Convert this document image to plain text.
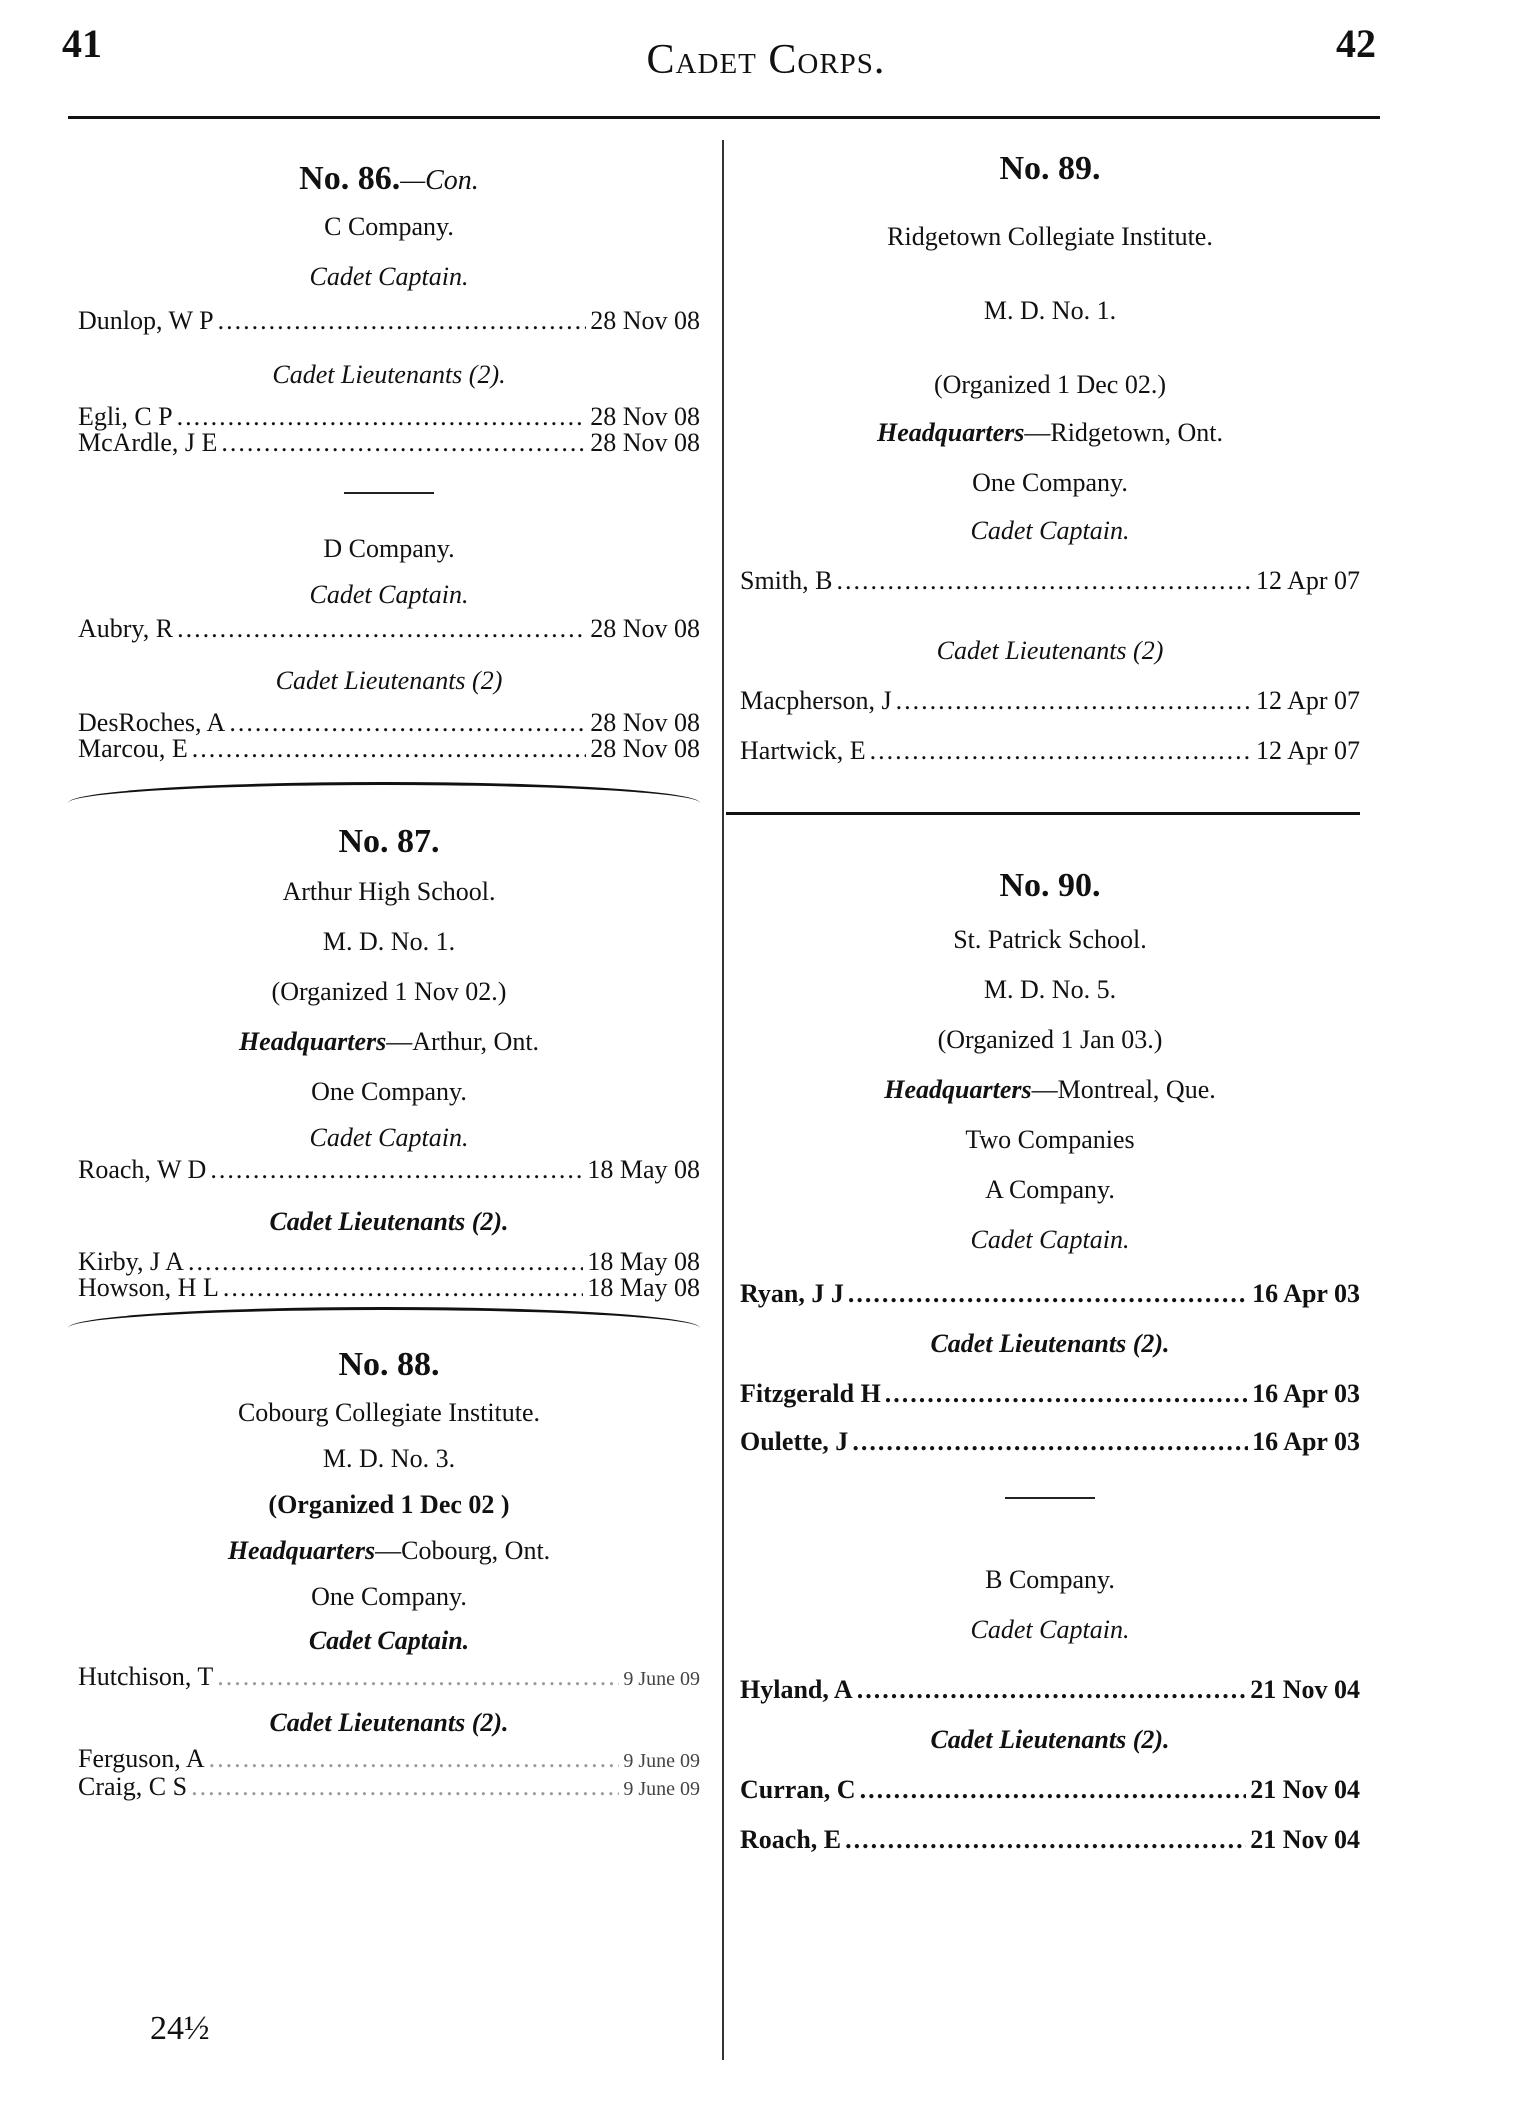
41	Cadet Corps.	42
No. 86.—Con.
C Company.
Cadet Captain.
Dunlop, W P .....	28 Nov 08
Cadet Lieutenants (2).
Egli, C P .....	28 Nov 08
McArdle, J E .....	28 Nov 08
D Company.
Cadet Captain.
Aubry, R .....	28 Nov 08
Cadet Lieutenants (2)
DesRoches, A .....	28 Nov 08
Marcou, E .....	28 Nov 08
No. 87.
Arthur High School.
M. D. No. 1.
(Organized 1 Nov 02.)
Headquarters—Arthur, Ont.
One Company.
Cadet Captain.
Roach, W D .....	18 May 08
Cadet Lieutenants (2).
Kirby, J A .....	18 May 08
Howson, H L .....	18 May 08
No. 88.
Cobourg Collegiate Institute.
M. D. No. 3.
(Organized 1 Dec 02 )
Headquarters—Cobourg, Ont.
One Company.
Cadet Captain.
Hutchison, T .....	9 June 09
Cadet Lieutenants (2).
Ferguson, A .....	9 June 09
Craig, C S .....	9 June 09
24½
No. 89.
Ridgetown Collegiate Institute.
M. D. No. 1.
(Organized 1 Dec 02.)
Headquarters—Ridgetown, Ont.
One Company.
Cadet Captain.
Smith, B .....	12 Apr 07
Cadet Lieutenants (2)
Macpherson, J .....	12 Apr 07
Hartwick, E .....	12 Apr 07
No. 90.
St. Patrick School.
M. D. No. 5.
(Organized 1 Jan 03.)
Headquarters—Montreal, Que.
Two Companies
A Company.
Cadet Captain.
Ryan, J J .....	16 Apr 03
Cadet Lieutenants (2).
Fitzgerald H .....	16 Apr 03
Oulette, J .....	16 Apr 03
B Company.
Cadet Captain.
Hyland, A .....	21 Nov 04
Cadet Lieutenants (2).
Curran, C .....	21 Nov 04
Roach, E .....	21 Nov 04
